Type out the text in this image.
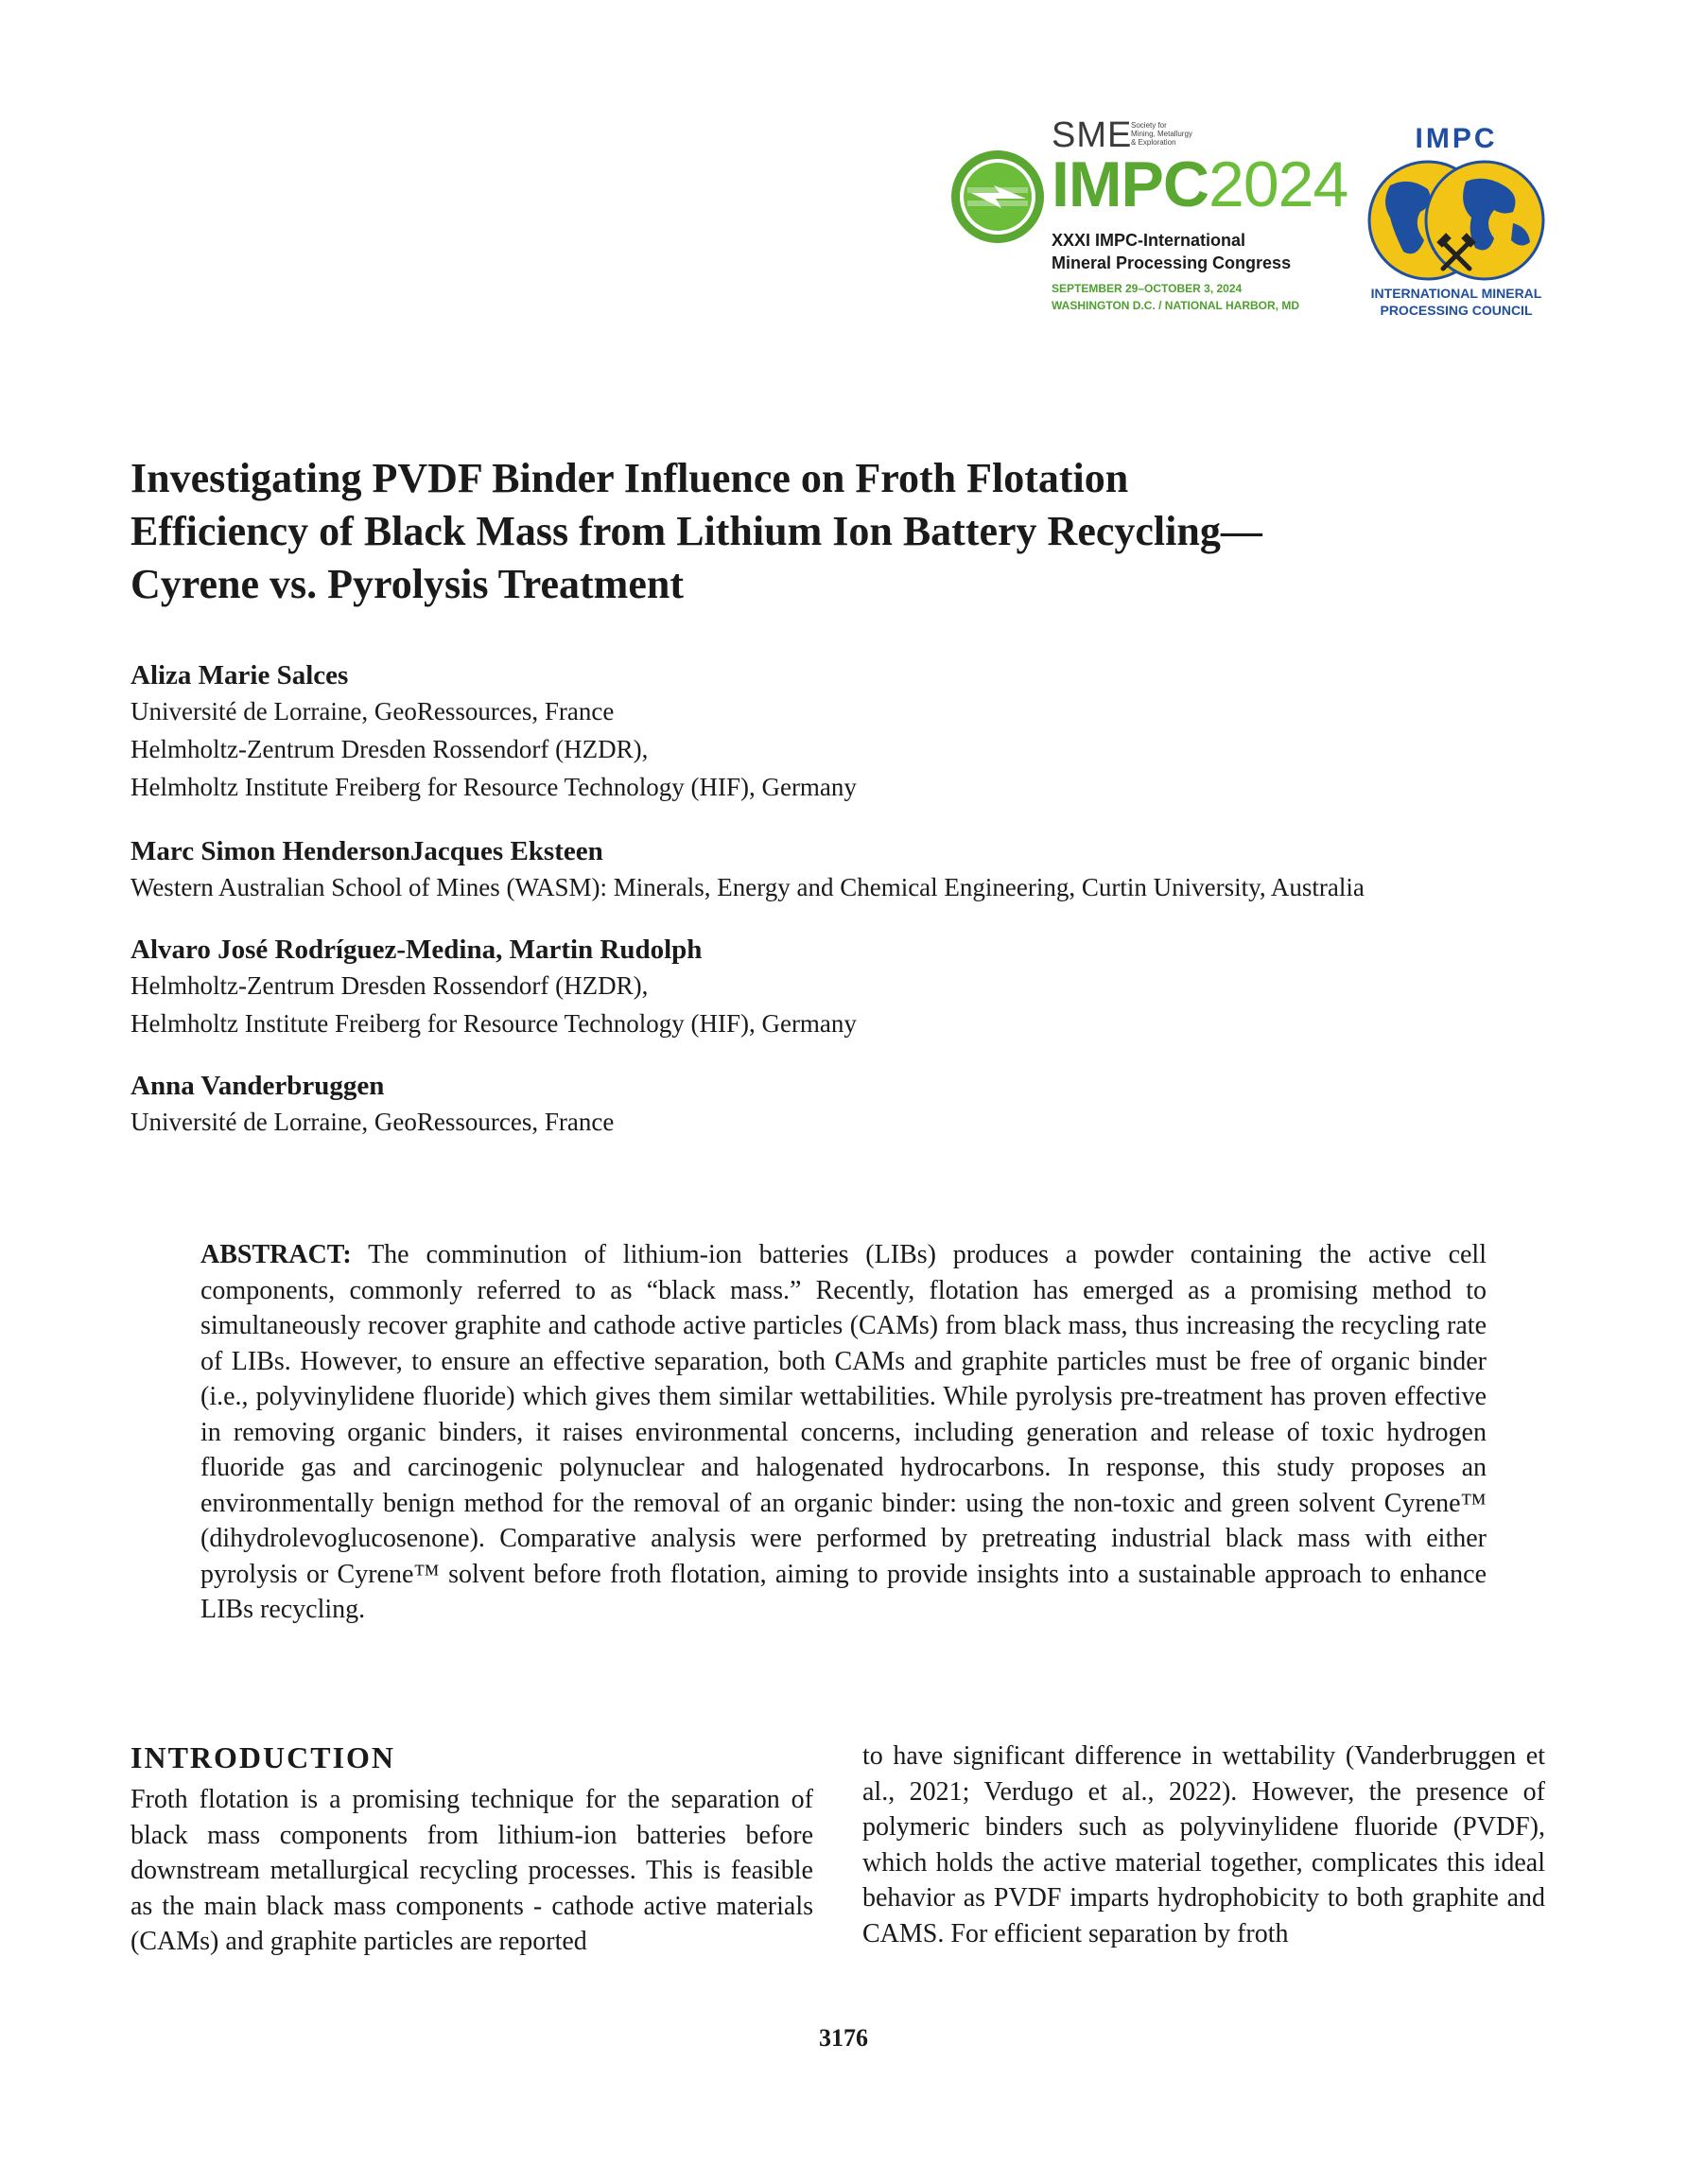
SME
Society for
Mining, Metallurgy
& Exploration
IMPC2024
XXXI IMPC-International
Mineral Processing Congress
SEPTEMBER 29–OCTOBER 3, 2024
WASHINGTON D.C. / NATIONAL HARBOR, MD
IMPC
INTERNATIONAL MINERAL
PROCESSING COUNCIL
Investigating PVDF Binder Influence on Froth Flotation
Efficiency of Black Mass from Lithium Ion Battery Recycling—
Cyrene vs. Pyrolysis Treatment
Aliza Marie Salces
Université de Lorraine, GeoRessources, France
Helmholtz-Zentrum Dresden Rossendorf (HZDR),
Helmholtz Institute Freiberg for Resource Technology (HIF), Germany
Marc Simon HendersonJacques Eksteen
Western Australian School of Mines (WASM): Minerals, Energy and Chemical Engineering, Curtin University, Australia
Alvaro José Rodríguez-Medina, Martin Rudolph
Helmholtz-Zentrum Dresden Rossendorf (HZDR),
Helmholtz Institute Freiberg for Resource Technology (HIF), Germany
Anna Vanderbruggen
Université de Lorraine, GeoRessources, France
ABSTRACT: The comminution of lithium-ion batteries (LIBs) produces a powder containing the active cell components, commonly referred to as “black mass.” Recently, flotation has emerged as a promising method to simultaneously recover graphite and cathode active particles (CAMs) from black mass, thus increasing the recycling rate of LIBs. However, to ensure an effective separation, both CAMs and graphite particles must be free of organic binder (i.e., polyvinylidene fluoride) which gives them similar wettabilities. While pyrolysis pre-treatment has proven effective in removing organic binders, it raises environmental concerns, including generation and release of toxic hydrogen fluoride gas and carcinogenic polynuclear and halogenated hydrocarbons. In response, this study proposes an environmentally benign method for the removal of an organic binder: using the non-toxic and green solvent Cyrene™ (dihydrolevoglucosenone). Comparative analysis were performed by pretreating industrial black mass with either pyrolysis or Cyrene™ solvent before froth flotation, aiming to provide insights into a sustainable approach to enhance LIBs recycling.
INTRODUCTION
Froth flotation is a promising technique for the separation of black mass components from lithium-ion batteries before downstream metallurgical recycling processes. This is feasible as the main black mass components - cathode active materials (CAMs) and graphite particles are reported
to have significant difference in wettability (Vanderbruggen et al., 2021; Verdugo et al., 2022). However, the presence of polymeric binders such as polyvinylidene fluoride (PVDF), which holds the active material together, complicates this ideal behavior as PVDF imparts hydrophobicity to both graphite and CAMS. For efficient separation by froth
3176
